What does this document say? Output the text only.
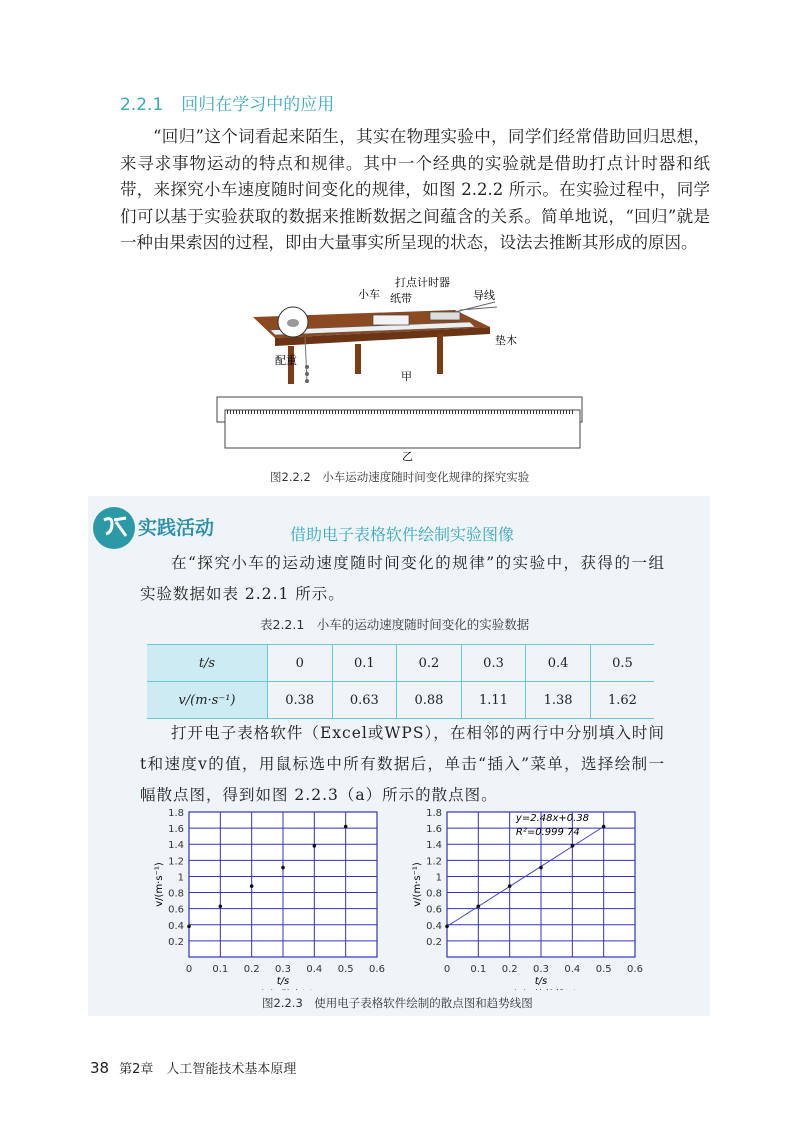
2.2.1 回归在学习中的应用

“回归”这个词看起来陌生，其实在物理实验中，同学们经常借助回归思想，来寻求事物运动的特点和规律。其中一个经典的实验就是借助打点计时器和纸带，来探究小车速度随时间变化的规律，如图 2.2.2 所示。在实验过程中，同学们可以基于实验获取的数据来推断数据之间蕴含的关系。简单地说，“回归”就是一种由果索因的过程，即由大量事实所呈现的状态，设法去推断其形成的原因。

小车
打点计时器
纸带	导线
垫木
配重
甲
乙
图2.2.2　小车运动速度随时间变化规律的探究实验
实践活动	借助电子表格软件绘制实验图像

在“探究小车的运动速度随时间变化的规律”的实验中，获得的一组实验数据如表 2.2.1 所示。

表2.2.1　小车的运动速度随时间变化的实验数据
t/s	0	0.1	0.2	0.3	0.4	0.5
v/(m·s⁻¹)	0.38	0.63	0.88	1.11	1.38	1.62

打开电子表格软件（Excel或WPS），在相邻的两行中分别填入时间t和速度v的值，用鼠标选中所有数据后，单击“插入”菜单，选择绘制一幅散点图，得到如图 2.2.3（a）所示的散点图。

0 0.1 0.2 0.3 0.4 0.5 0.6
0.2
0.4
0.6
0.8
1
1.2
1.4
1.6
1.8
t/s
v/(m·s⁻¹)
0 0.1 0.2 0.3 0.4 0.5 0.6
0.2
0.4
0.6
0.8
1
1.2
1.4
1.6
1.8
t/s
v/(m·s⁻¹)
y=2.48x+0.38
R²=0.999 74
图2.2.3　使用电子表格软件绘制的散点图和趋势线图
38 第2章　人工智能技术基本原理
